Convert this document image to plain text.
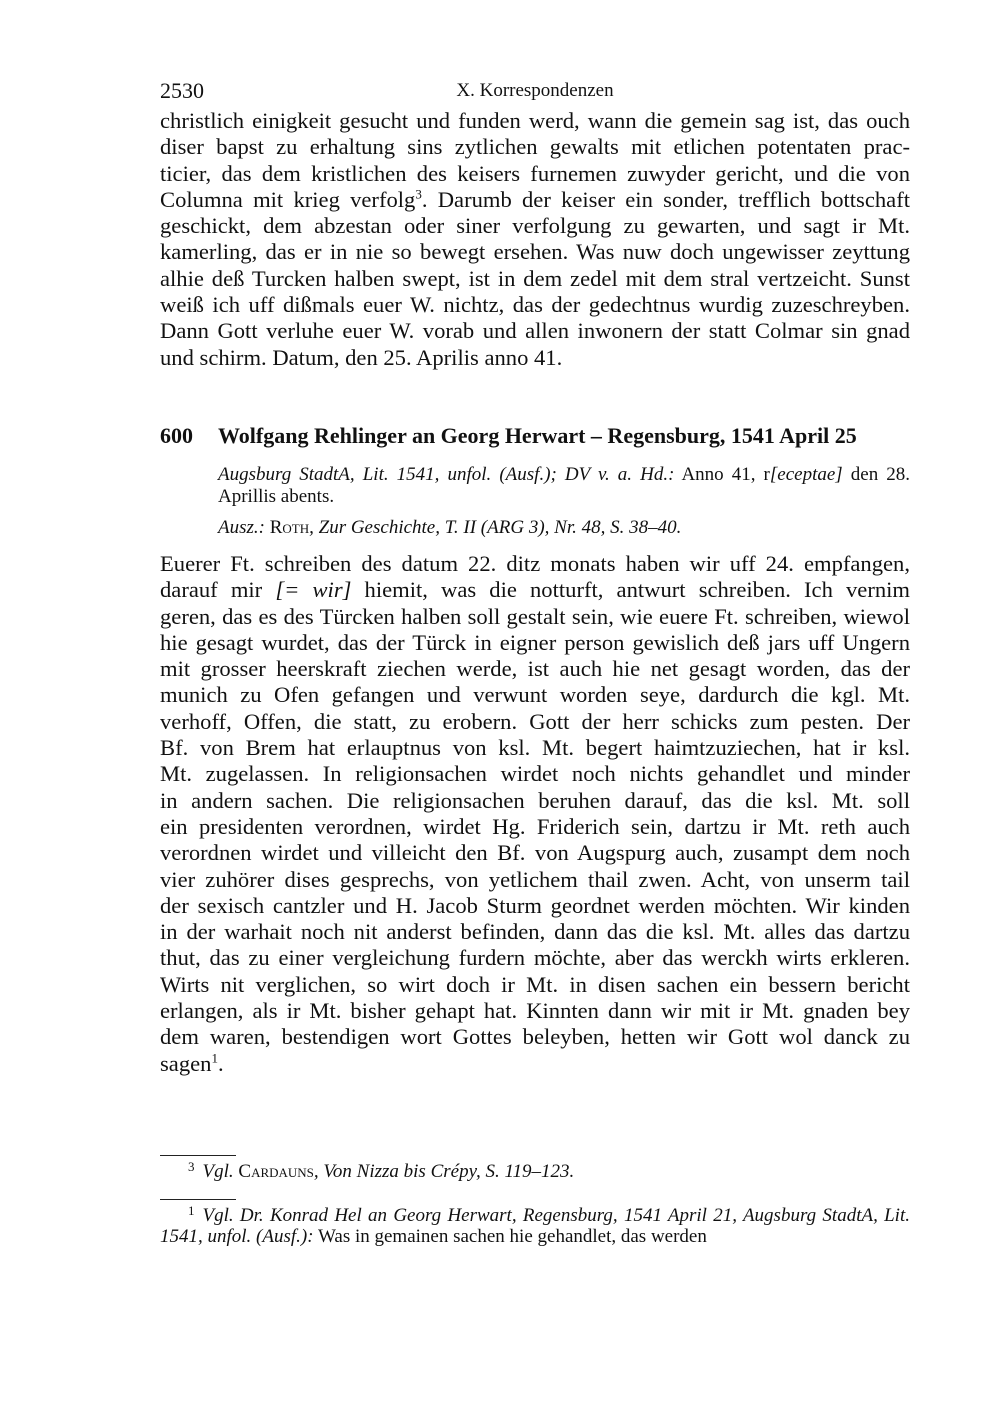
2530	X. Korrespondenzen
christlich einigkeit gesucht und funden werd, wann die gemein sag ist, das ouch
diser bapst zu erhaltung sins zytlichen gewalts mit etlichen potentaten prac-
ticier, das dem kristlichen des keisers furnemen zuwyder gericht, und die von
Columna mit krieg verfolg$^3$. Darumb der keiser ein sonder, trefflich bottschaft
geschickt, dem abzestan oder siner verfolgung zu gewarten, und sagt ir Mt.
kamerling, das er in nie so bewegt ersehen. Was nuw doch ungewisser zeyttung
alhie deß Turcken halben swept, ist in dem zedel mit dem stral vertzeicht. Sunst
weiß ich uff dißmals euer W. nichtz, das der gedechtnus wurdig zuzeschreyben.
Dann Gott verluhe euer W. vorab und allen inwonern der statt Colmar sin gnad
und schirm. Datum, den 25. Aprilis anno 41.
600	Wolfgang Rehlinger an Georg Herwart – Regensburg, 1541 April 25

Augsburg StadtA, Lit. 1541, unfol. (Ausf.); DV v. a. Hd.: Anno 41, r[eceptae] den 28. Aprillis abents.

Ausz.: Roth, Zur Geschichte, T. II (ARG 3), Nr. 48, S. 38–40.

Euerer Ft. schreiben des datum 22. ditz monats haben wir uff 24. empfangen,
darauf mir [= wir] hiemit, was die notturft, antwurt schreiben. Ich vernim
geren, das es des Türcken halben soll gestalt sein, wie euere Ft. schreiben, wiewol
hie gesagt wurdet, das der Türck in eigner person gewislich deß jars uff Ungern
mit grosser heerskraft ziechen werde, ist auch hie net gesagt worden, das der
munich zu Ofen gefangen und verwunt worden seye, dardurch die kgl. Mt.
verhoff, Offen, die statt, zu erobern. Gott der herr schicks zum pesten. Der
Bf. von Brem hat erlauptnus von ksl. Mt. begert haimtzuziechen, hat ir ksl.
Mt. zugelassen. In religionsachen wirdet noch nichts gehandlet und minder
in andern sachen. Die religionsachen beruhen darauf, das die ksl. Mt. soll
ein presidenten verordnen, wirdet Hg. Friderich sein, dartzu ir Mt. reth auch
verordnen wirdet und villeicht den Bf. von Augspurg auch, zusampt dem noch
vier zuhörer dises gesprechs, von yetlichem thail zwen. Acht, von unserm tail
der sexisch cantzler und H. Jacob Sturm geordnet werden möchten. Wir kinden
in der warhait noch nit anderst befinden, dann das die ksl. Mt. alles das dartzu
thut, das zu einer vergleichung furdern möchte, aber das werckh wirts erkleren.
Wirts nit verglichen, so wirt doch ir Mt. in disen sachen ein bessern bericht
erlangen, als ir Mt. bisher gehapt hat. Kinnten dann wir mit ir Mt. gnaden bey
dem waren, bestendigen wort Gottes beleyben, hetten wir Gott wol danck zu
sagen$^1$.

$^3$ Vgl. Cardauns, Von Nizza bis Crépy, S. 119–123.

$^1$ Vgl. Dr. Konrad Hel an Georg Herwart, Regensburg, 1541 April 21, Augsburg StadtA, Lit. 1541, unfol. (Ausf.): Was in gemainen sachen hie gehandlet, das werden
